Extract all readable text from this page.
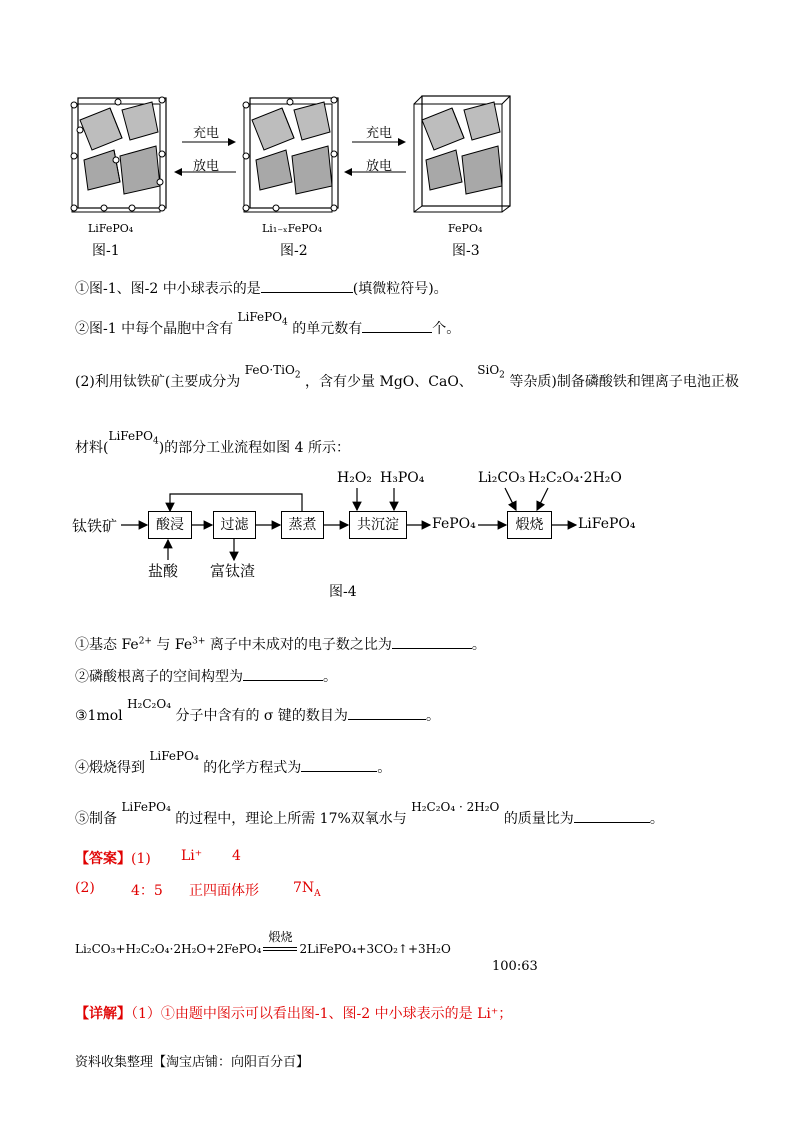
充电
放电
充电
放电
LiFePO₄
图-1
Li₁₋ₓFePO₄
图-2
FePO₄
图-3
①图-1、图-2 中小球表示的是	(填微粒符号)。
②图-1 中每个晶胞中含有 LiFePO$_4$ 的单元数有	个。
(2)利用钛铁矿(主要成分为 FeO·TiO$_2$ ，含有少量 MgO、CaO、 SiO$_2$ 等杂质)制备磷酸铁和锂离子电池正极
材料(LiFePO$_4$)的部分工业流程如图 4 所示：
钛铁矿	酸浸	过滤	蒸煮	共沉淀	煅烧
FePO₄	LiFePO₄
盐酸 富钛渣
H₂O₂ H₃PO₄	Li₂CO₃ H₂C₂O₄·2H₂O
图-4
①基态 $Fe^{2+}$ 与 $Fe^{3+}$ 离子中未成对的电子数之比为	。
②磷酸根离子的空间构型为	。
③1mol H₂C₂O₄ 分子中含有的 σ 键的数目为	。
④煅烧得到 LiFePO₄ 的化学方程式为	。
⑤制备 LiFePO₄ 的过程中，理论上所需 17%双氧水与 H₂C₂O₄ · 2H₂O 的质量比为	。
【答案】(1) Li⁺ 4
(2)	4：5 正四面体形 $7N_A$
Li₂CO₃+H₂C₂O₄⋅2H₂O+2FePO₄
煅烧
2LiFePO₄+3CO₂↑+3H₂O
100:63
【详解】（1）①由题中图示可以看出图-1、图-2 中小球表示的是 Li⁺；
资料收集整理【淘宝店铺：向阳百分百】
